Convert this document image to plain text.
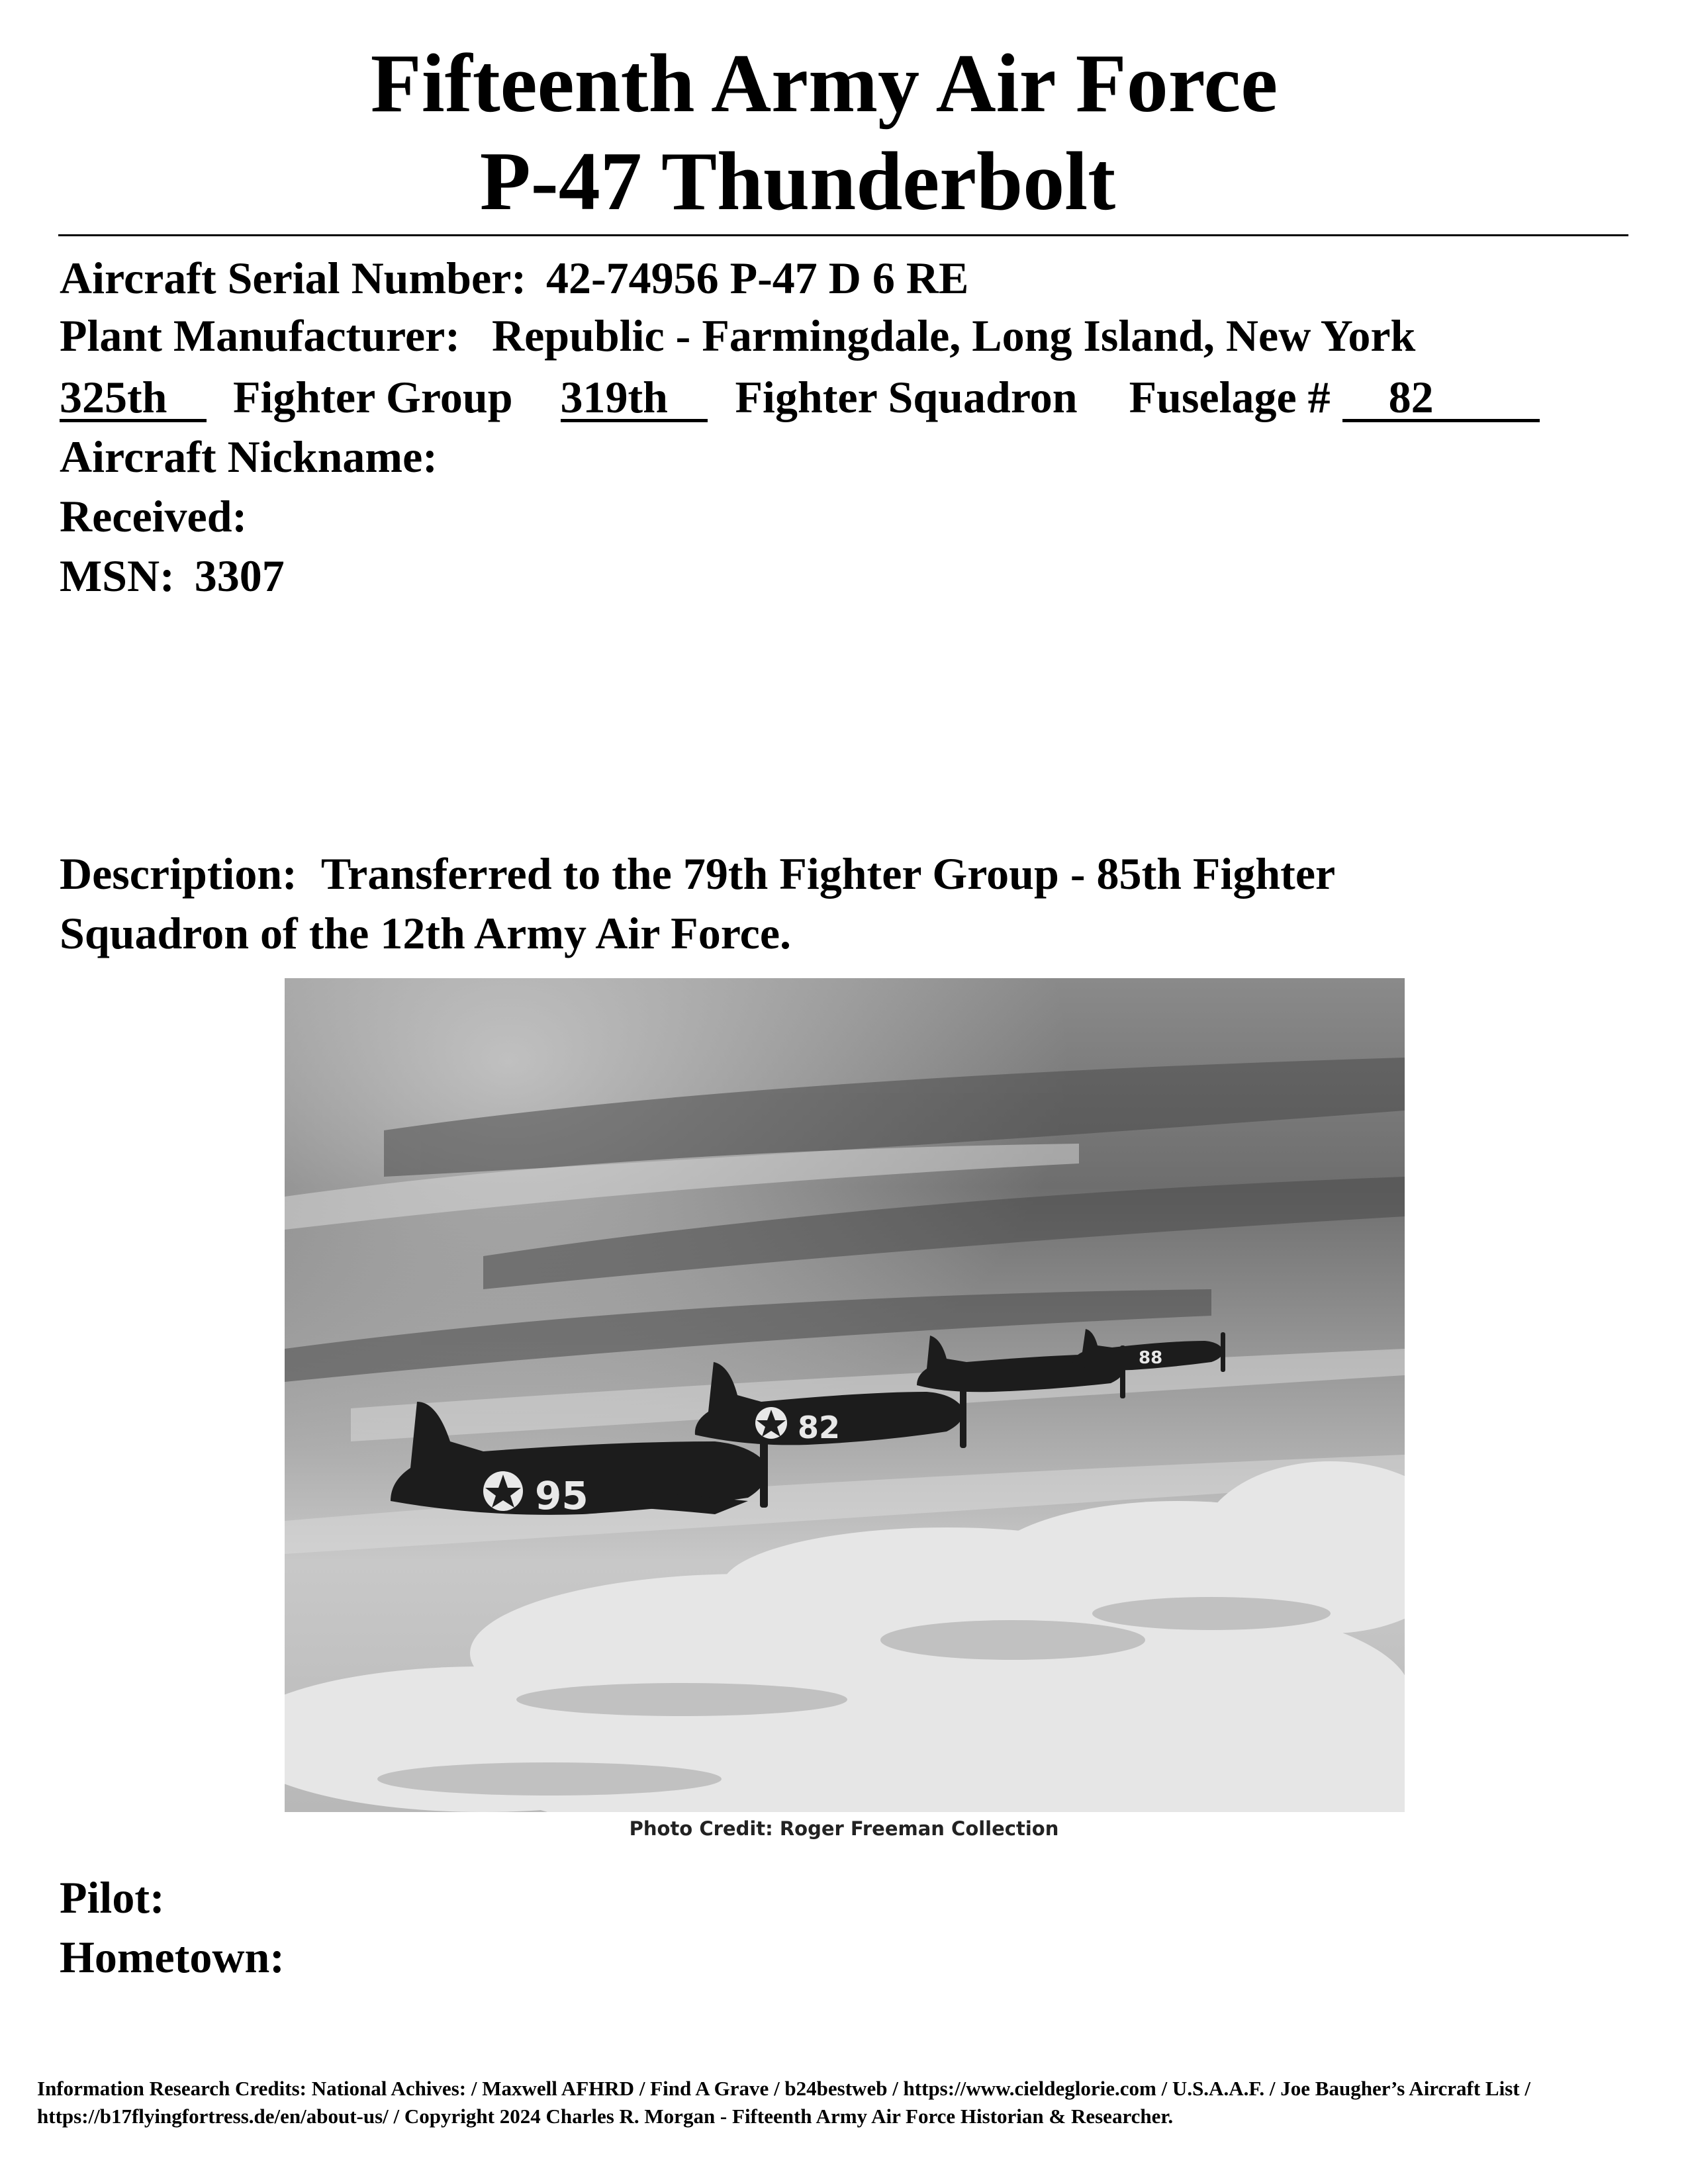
Fifteenth Army Air Force
P-47 Thunderbolt
Aircraft Serial Number: 42-74956 P-47 D 6 RE
Plant Manufacturer: Republic - Farmingdale, Long Island, New York
325th Fighter Group 319th Fighter Squadron Fuselage # 82
Aircraft Nickname:
Received:
MSN: 3307
Description: Transferred to the 79th Fighter Group - 85th Fighter
Squadron of the 12th Army Air Force.
95
82
88
Photo Credit: Roger Freeman Collection
Pilot:
Hometown:
Information Research Credits: National Achives: / Maxwell AFHRD / Find A Grave / b24bestweb / https://www.cieldeglorie.com / U.S.A.A.F. / Joe Baugher’s Aircraft List /
https://b17flyingfortress.de/en/about-us/ / Copyright 2024 Charles R. Morgan - Fifteenth Army Air Force Historian & Researcher.
